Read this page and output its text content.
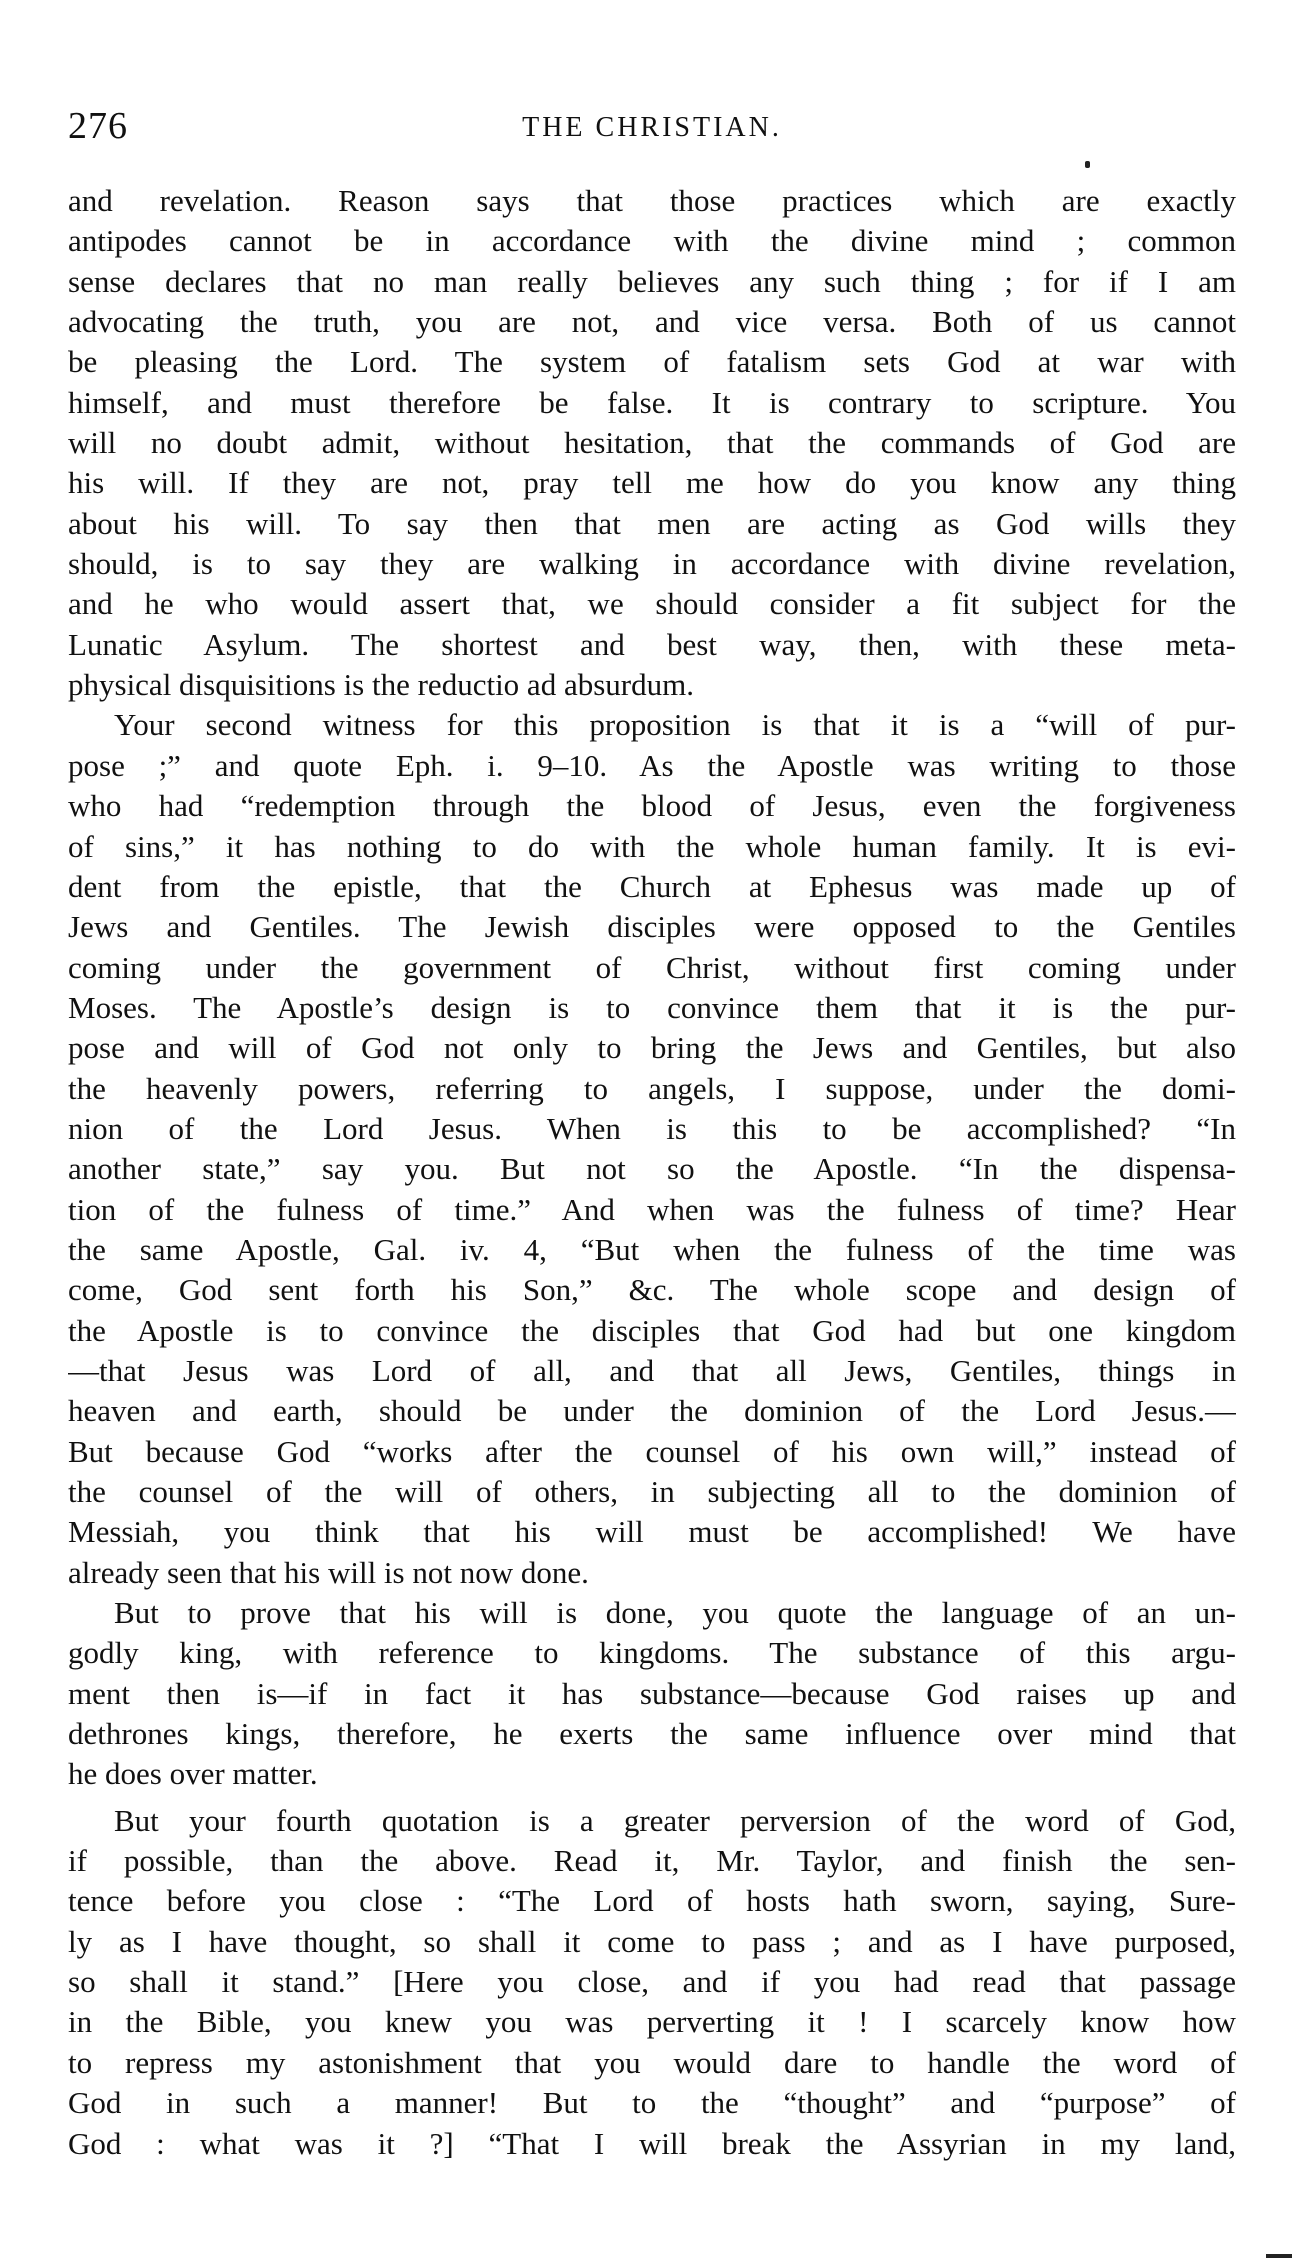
276	THE CHRISTIAN.
and revelation. Reason says that those practices which are exactly
antipodes cannot be in accordance with the divine mind ; common
sense declares that no man really believes any such thing ; for if I am
advocating the truth, you are not, and vice versa. Both of us cannot
be pleasing the Lord. The system of fatalism sets God at war with
himself, and must therefore be false. It is contrary to scripture. You
will no doubt admit, without hesitation, that the commands of God are
his will. If they are not, pray tell me how do you know any thing
about his will. To say then that men are acting as God wills they
should, is to say they are walking in accordance with divine revelation,
and he who would assert that, we should consider a fit subject for the
Lunatic Asylum. The shortest and best way, then, with these meta-
physical disquisitions is the reductio ad absurdum.
Your second witness for this proposition is that it is a “will of pur-
pose ;” and quote Eph. i. 9–10. As the Apostle was writing to those
who had “redemption through the blood of Jesus, even the forgiveness
of sins,” it has nothing to do with the whole human family. It is evi-
dent from the epistle, that the Church at Ephesus was made up of
Jews and Gentiles. The Jewish disciples were opposed to the Gentiles
coming under the government of Christ, without first coming under
Moses. The Apostle’s design is to convince them that it is the pur-
pose and will of God not only to bring the Jews and Gentiles, but also
the heavenly powers, referring to angels, I suppose, under the domi-
nion of the Lord Jesus. When is this to be accomplished? “In
another state,” say you. But not so the Apostle. “In the dispensa-
tion of the fulness of time.” And when was the fulness of time? Hear
the same Apostle, Gal. iv. 4, “But when the fulness of the time was
come, God sent forth his Son,” &c. The whole scope and design of
the Apostle is to convince the disciples that God had but one kingdom
—that Jesus was Lord of all, and that all Jews, Gentiles, things in
heaven and earth, should be under the dominion of the Lord Jesus.—
But because God “works after the counsel of his own will,” instead of
the counsel of the will of others, in subjecting all to the dominion of
Messiah, you think that his will must be accomplished! We have
already seen that his will is not now done.
But to prove that his will is done, you quote the language of an un-
godly king, with reference to kingdoms. The substance of this argu-
ment then is—if in fact it has substance—because God raises up and
dethrones kings, therefore, he exerts the same influence over mind that
he does over matter.
But your fourth quotation is a greater perversion of the word of God,
if possible, than the above. Read it, Mr. Taylor, and finish the sen-
tence before you close : “The Lord of hosts hath sworn, saying, Sure-
ly as I have thought, so shall it come to pass ; and as I have purposed,
so shall it stand.” [Here you close, and if you had read that passage
in the Bible, you knew you was perverting it ! I scarcely know how
to repress my astonishment that you would dare to handle the word of
God in such a manner! But to the “thought” and “purpose” of
God : what was it ?] “That I will break the Assyrian in my land,
